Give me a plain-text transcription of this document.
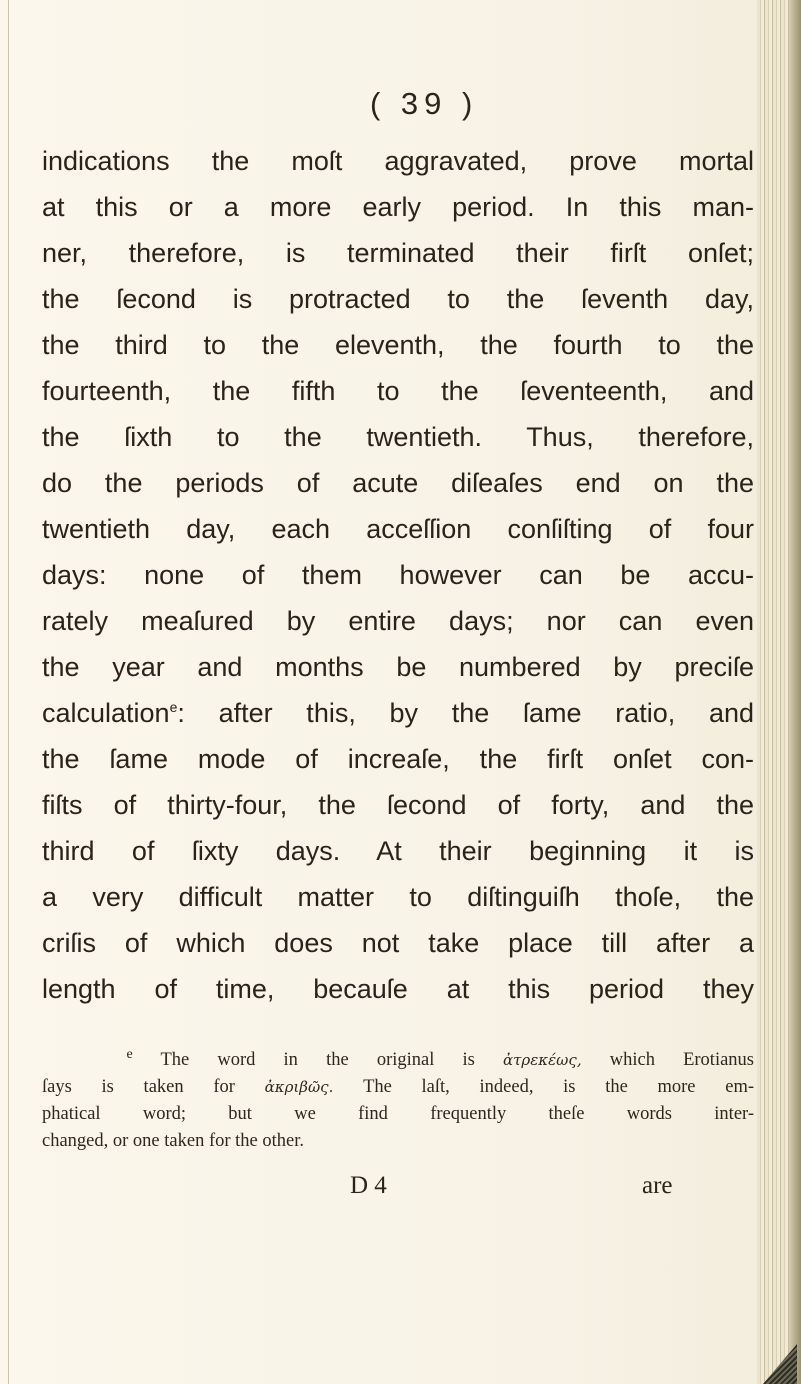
( 39 )
indications the moſt aggravated, prove mortal
at this or a more early period. In this man-
ner, therefore, is terminated their firſt onſet;
the ſecond is protracted to the ſeventh day,
the third to the eleventh, the fourth to the
fourteenth, the fifth to the ſeventeenth, and
the ſixth to the twentieth. Thus, therefore,
do the periods of acute diſeaſes end on the
twentieth day, each acceſſion conſiſting of four
days: none of them however can be accu-
rately meaſured by entire days; nor can even
the year and months be numbered by preciſe
calculation$^e$: after this, by the ſame ratio, and
the ſame mode of increaſe, the firſt onſet con-
fiſts of thirty-four, the ſecond of forty, and the
third of ſixty days. At their beginning it is
a very difficult matter to diſtinguiſh thoſe, the
criſis of which does not take place till after a
length of time, becauſe at this period they
$^e$ The word in the original is ἀτρεκέως, which Erotianus
ſays is taken for ἀκριβῶς. The laſt, indeed, is the more em-
phatical word; but we find frequently theſe words inter-
changed, or one taken for the other.
D 4	are
